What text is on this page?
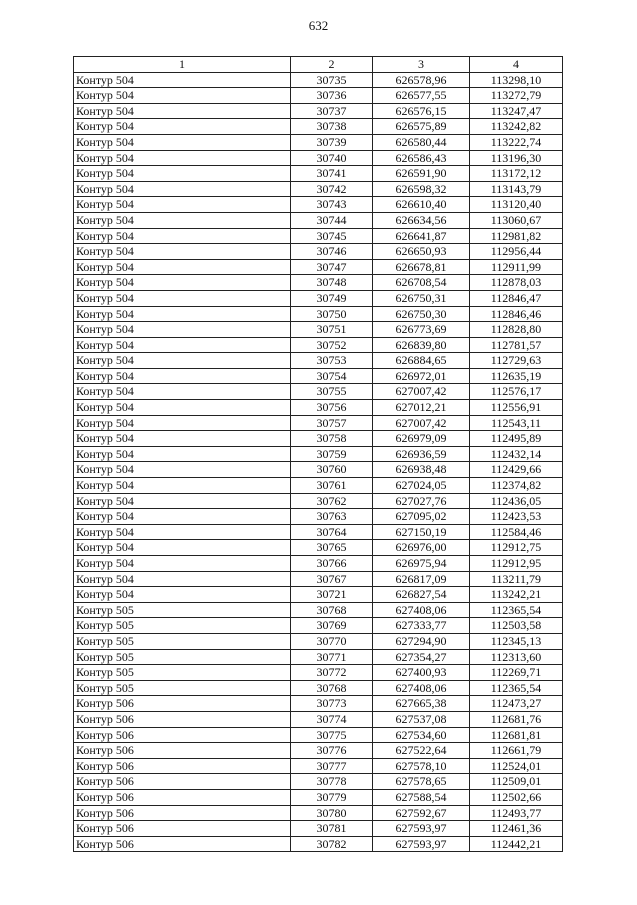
632
1	2	3	4
Контур 504	30735	626578,96	113298,10
Контур 504	30736	626577,55	113272,79
Контур 504	30737	626576,15	113247,47
Контур 504	30738	626575,89	113242,82
Контур 504	30739	626580,44	113222,74
Контур 504	30740	626586,43	113196,30
Контур 504	30741	626591,90	113172,12
Контур 504	30742	626598,32	113143,79
Контур 504	30743	626610,40	113120,40
Контур 504	30744	626634,56	113060,67
Контур 504	30745	626641,87	112981,82
Контур 504	30746	626650,93	112956,44
Контур 504	30747	626678,81	112911,99
Контур 504	30748	626708,54	112878,03
Контур 504	30749	626750,31	112846,47
Контур 504	30750	626750,30	112846,46
Контур 504	30751	626773,69	112828,80
Контур 504	30752	626839,80	112781,57
Контур 504	30753	626884,65	112729,63
Контур 504	30754	626972,01	112635,19
Контур 504	30755	627007,42	112576,17
Контур 504	30756	627012,21	112556,91
Контур 504	30757	627007,42	112543,11
Контур 504	30758	626979,09	112495,89
Контур 504	30759	626936,59	112432,14
Контур 504	30760	626938,48	112429,66
Контур 504	30761	627024,05	112374,82
Контур 504	30762	627027,76	112436,05
Контур 504	30763	627095,02	112423,53
Контур 504	30764	627150,19	112584,46
Контур 504	30765	626976,00	112912,75
Контур 504	30766	626975,94	112912,95
Контур 504	30767	626817,09	113211,79
Контур 504	30721	626827,54	113242,21
Контур 505	30768	627408,06	112365,54
Контур 505	30769	627333,77	112503,58
Контур 505	30770	627294,90	112345,13
Контур 505	30771	627354,27	112313,60
Контур 505	30772	627400,93	112269,71
Контур 505	30768	627408,06	112365,54
Контур 506	30773	627665,38	112473,27
Контур 506	30774	627537,08	112681,76
Контур 506	30775	627534,60	112681,81
Контур 506	30776	627522,64	112661,79
Контур 506	30777	627578,10	112524,01
Контур 506	30778	627578,65	112509,01
Контур 506	30779	627588,54	112502,66
Контур 506	30780	627592,67	112493,77
Контур 506	30781	627593,97	112461,36
Контур 506	30782	627593,97	112442,21
